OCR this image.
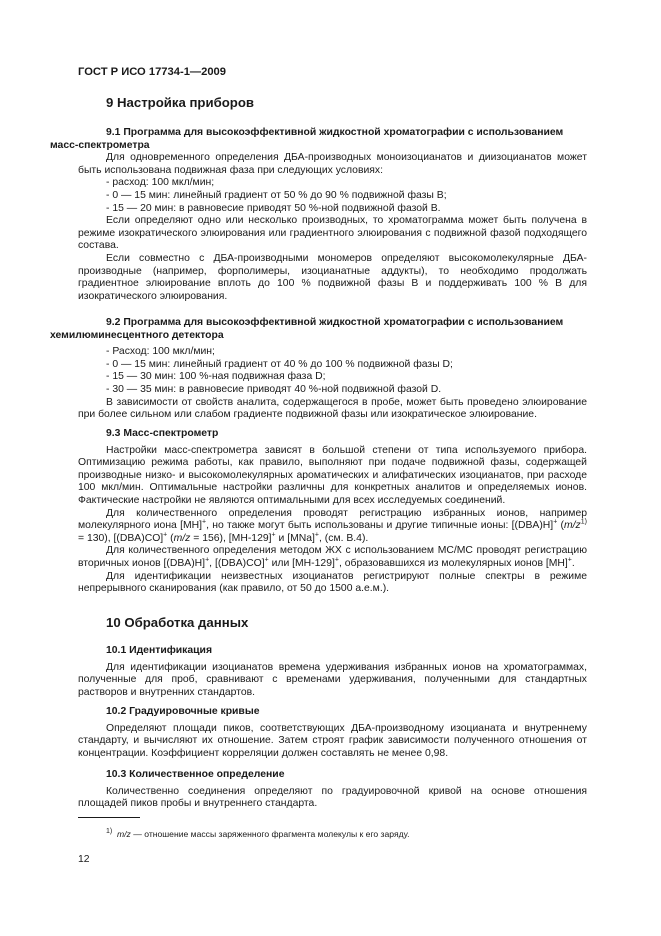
ГОСТ Р ИСО 17734-1—2009
9 Настройка приборов
9.1 Программа для высокоэффективной жидкостной хроматографии с использованием
масс-спектрометра
Для одновременного определения ДБА-производных моноизоцианатов и диизоцианатов может быть использована подвижная фаза при следующих условиях:
- расход: 100 мкл/мин;
- 0 — 15 мин: линейный градиент от 50 % до 90 % подвижной фазы В;
- 15 — 20 мин: в равновесие приводят 50 %-ной подвижной фазой В.
Если определяют одно или несколько производных, то хроматограмма может быть получена в режиме изократического элюирования или градиентного элюирования с подвижной фазой подходящего состава.
Если совместно с ДБА-производными мономеров определяют высокомолекулярные ДБА-производные (например, форполимеры, изоцианатные аддукты), то необходимо продолжать градиентное элюирование вплоть до 100 % подвижной фазы В и поддерживать 100 % В для изократического элюирования.
9.2 Программа для высокоэффективной жидкостной хроматографии с использованием
хемилюминесцентного детектора
- Расход: 100 мкл/мин;
- 0 — 15 мин: линейный градиент от 40 % до 100 % подвижной фазы D;
- 15 — 30 мин: 100 %-ная подвижная фаза D;
- 30 — 35 мин: в равновесие приводят 40 %-ной подвижной фазой D.
В зависимости от свойств аналита, содержащегося в пробе, может быть проведено элюирование при более сильном или слабом градиенте подвижной фазы или изократическое элюирование.
9.3 Масс-спектрометр
Настройки масс-спектрометра зависят в большой степени от типа используемого прибора. Оптимизацию режима работы, как правило, выполняют при подаче подвижной фазы, содержащей производные низко- и высокомолекулярных ароматических и алифатических изоцианатов, при расходе 100 мкл/мин. Оптимальные настройки различны для конкретных аналитов и определяемых ионов. Фактические настройки не являются оптимальными для всех исследуемых соединений.
Для количественного определения проводят регистрацию избранных ионов, например молекулярного иона [MH]+, но также могут быть использованы и другие типичные ионы: [(DBA)H]+ $(m/z^{1)} = 130)$, [(DBA)CO]+ (m/z = 156), [MH-129]+ и [MNa]+, (см. В.4).
Для количественного определения методом ЖХ с использованием МС/МС проводят регистрацию вторичных ионов [(DBA)H]+, [(DBA)CO]+ или [MH-129]+, образовавшихся из молекулярных ионов [MH]+.
Для идентификации неизвестных изоцианатов регистрируют полные спектры в режиме непрерывного сканирования (как правило, от 50 до 1500 а.е.м.).
10 Обработка данных
10.1 Идентификация
Для идентификации изоцианатов времена удерживания избранных ионов на хроматограммах, полученные для проб, сравнивают с временами удерживания, полученными для стандартных растворов и внутренних стандартов.
10.2 Градуировочные кривые
Определяют площади пиков, соответствующих ДБА-производному изоцианата и внутреннему стандарту, и вычисляют их отношение. Затем строят график зависимости полученного отношения от концентрации. Коэффициент корреляции должен составлять не менее 0,98.
10.3 Количественное определение
Количественно соединения определяют по градуировочной кривой на основе отношения площадей пиков пробы и внутреннего стандарта.
$^{1)}$ m/z — отношение массы заряженного фрагмента молекулы к его заряду.
12
